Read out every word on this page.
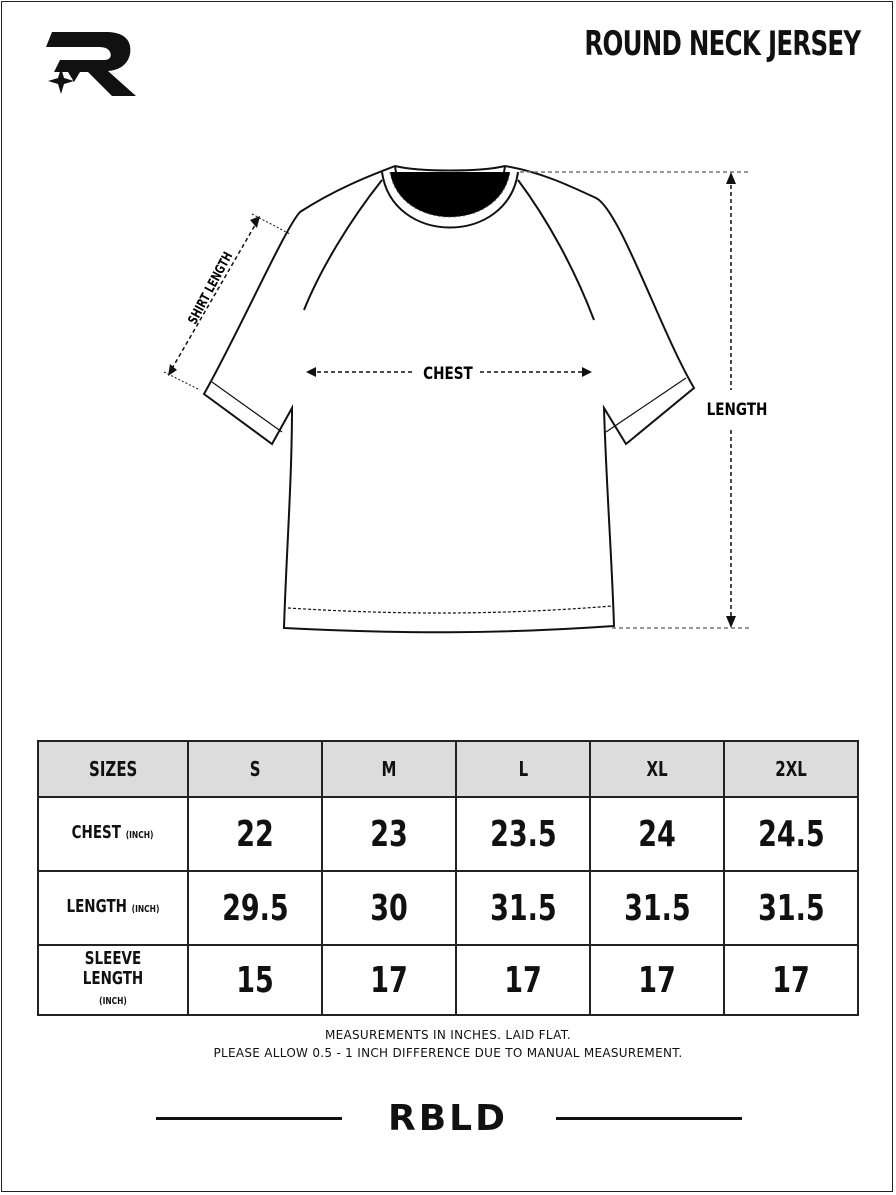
ROUND NECK JERSEY
CHEST
LENGTH
SHIRT LENGTH
SIZES	S	M	L	XL	2XL
CHEST (INCH)	22	23	23.5	24	24.5
LENGTH (INCH)	29.5	30	31.5	31.5	31.5
SLEEVE LENGTH
(INCH)	15	17	17	17	17
MEASUREMENTS IN INCHES. LAID FLAT.
PLEASE ALLOW 0.5 - 1 INCH DIFFERENCE DUE TO MANUAL MEASUREMENT.
RBLD
